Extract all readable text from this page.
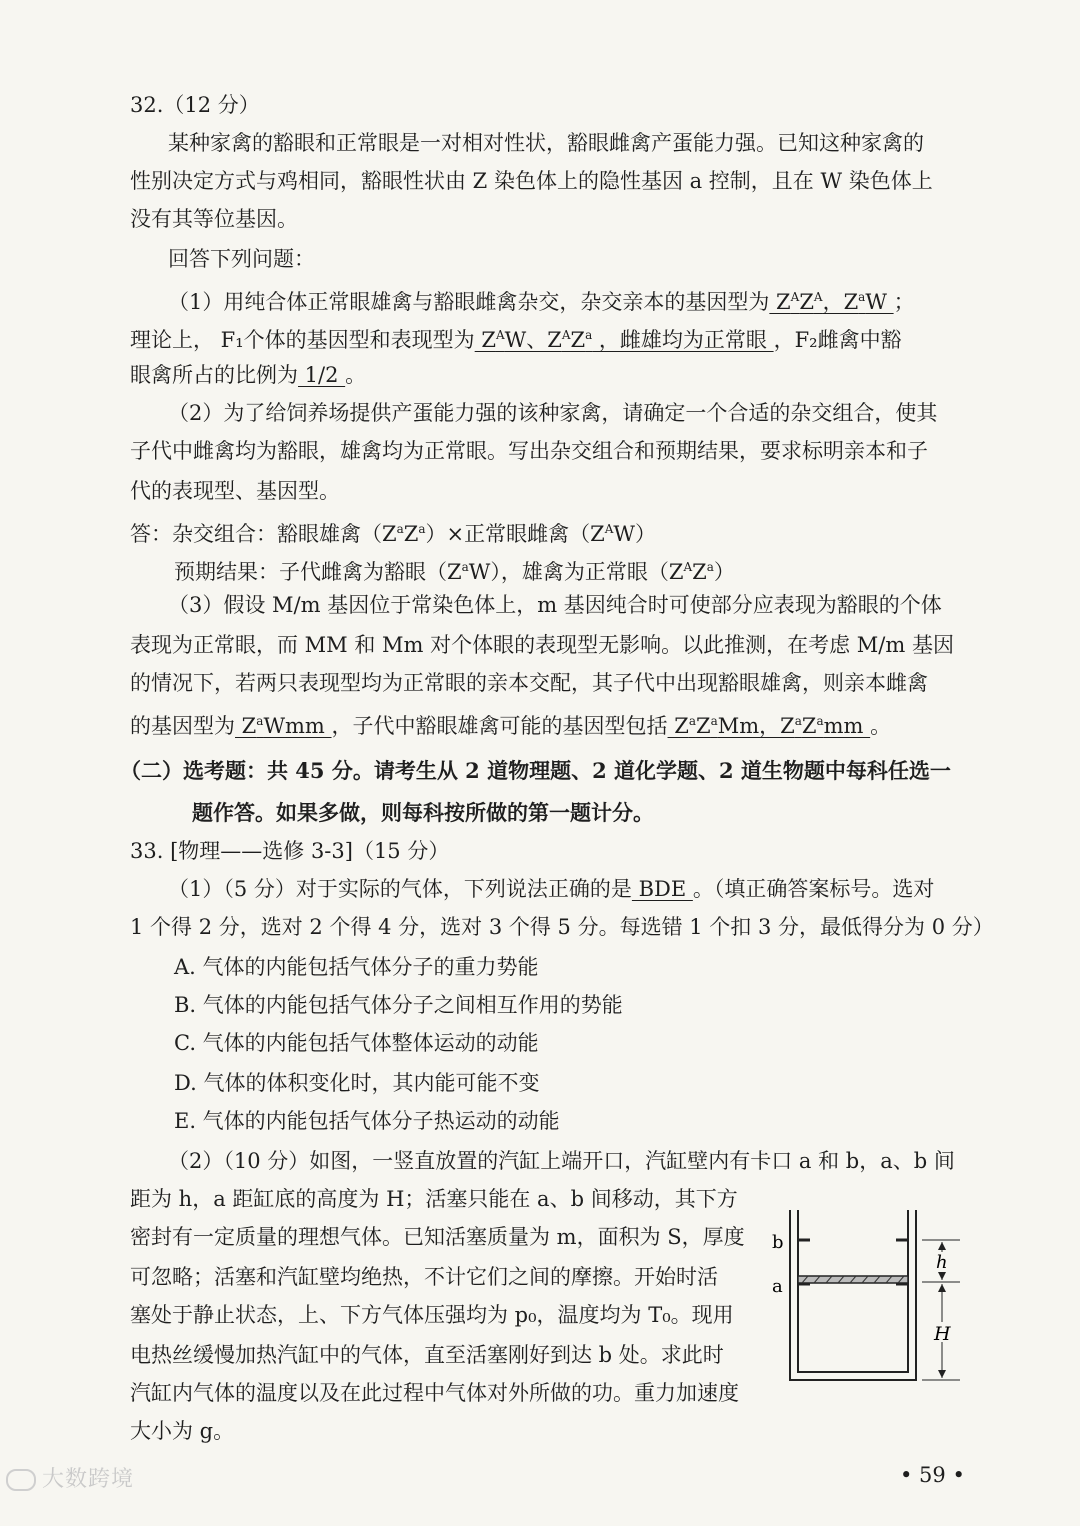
32.（12 分）
某种家禽的豁眼和正常眼是一对相对性状，豁眼雌禽产蛋能力强。已知这种家禽的
性别决定方式与鸡相同，豁眼性状由 Z 染色体上的隐性基因 a 控制，且在 W 染色体上
没有其等位基因。
回答下列问题：
（1）用纯合体正常眼雄禽与豁眼雌禽杂交，杂交亲本的基因型为 $Z^AZ^A$，$Z^aW$ ；
理论上， F₁个体的基因型和表现型为 $Z^AW$、$Z^AZ^a$ ，雌雄均为正常眼 ，F₂雌禽中豁
眼禽所占的比例为 1/2 。
（2）为了给饲养场提供产蛋能力强的该种家禽，请确定一个合适的杂交组合，使其
子代中雌禽均为豁眼，雄禽均为正常眼。写出杂交组合和预期结果，要求标明亲本和子
代的表现型、基因型。
答：杂交组合：豁眼雄禽$(Z^aZ^a)\times$正常眼雌禽$(Z^AW)$
预期结果：子代雌禽为豁眼$(Z^aW)$，雄禽为正常眼$(Z^AZ^a)$
（3）假设 M/m 基因位于常染色体上，m 基因纯合时可使部分应表现为豁眼的个体
表现为正常眼，而 MM 和 Mm 对个体眼的表现型无影响。以此推测，在考虑 M/m 基因
的情况下，若两只表现型均为正常眼的亲本交配，其子代中出现豁眼雄禽，则亲本雌禽
的基因型为 $Z^aWmm$ ，子代中豁眼雄禽可能的基因型包括 $Z^aZ^aMm$，$Z^aZ^amm$ 。
（二）选考题：共 45 分。请考生从 2 道物理题、2 道化学题、2 道生物题中每科任选一
题作答。如果多做，则每科按所做的第一题计分。
33. [物理——选修 3-3]（15 分）
（1）（5 分）对于实际的气体，下列说法正确的是 BDE 。（填正确答案标号。选对
1 个得 2 分，选对 2 个得 4 分，选对 3 个得 5 分。每选错 1 个扣 3 分，最低得分为 0 分）
A. 气体的内能包括气体分子的重力势能
B. 气体的内能包括气体分子之间相互作用的势能
C. 气体的内能包括气体整体运动的动能
D. 气体的体积变化时，其内能可能不变
E. 气体的内能包括气体分子热运动的动能
（2）（10 分）如图，一竖直放置的汽缸上端开口，汽缸壁内有卡口 a 和 b，a、b 间
距为 h，a 距缸底的高度为 H；活塞只能在 a、b 间移动，其下方
密封有一定质量的理想气体。已知活塞质量为 m，面积为 S，厚度
可忽略；活塞和汽缸壁均绝热，不计它们之间的摩擦。开始时活
塞处于静止状态，上、下方气体压强均为 p₀，温度均为 T₀。现用
电热丝缓慢加热汽缸中的气体，直至活塞刚好到达 b 处。求此时
汽缸内气体的温度以及在此过程中气体对外所做的功。重力加速度
大小为 g。
b
a
h
H
• 59 •
大数跨境
